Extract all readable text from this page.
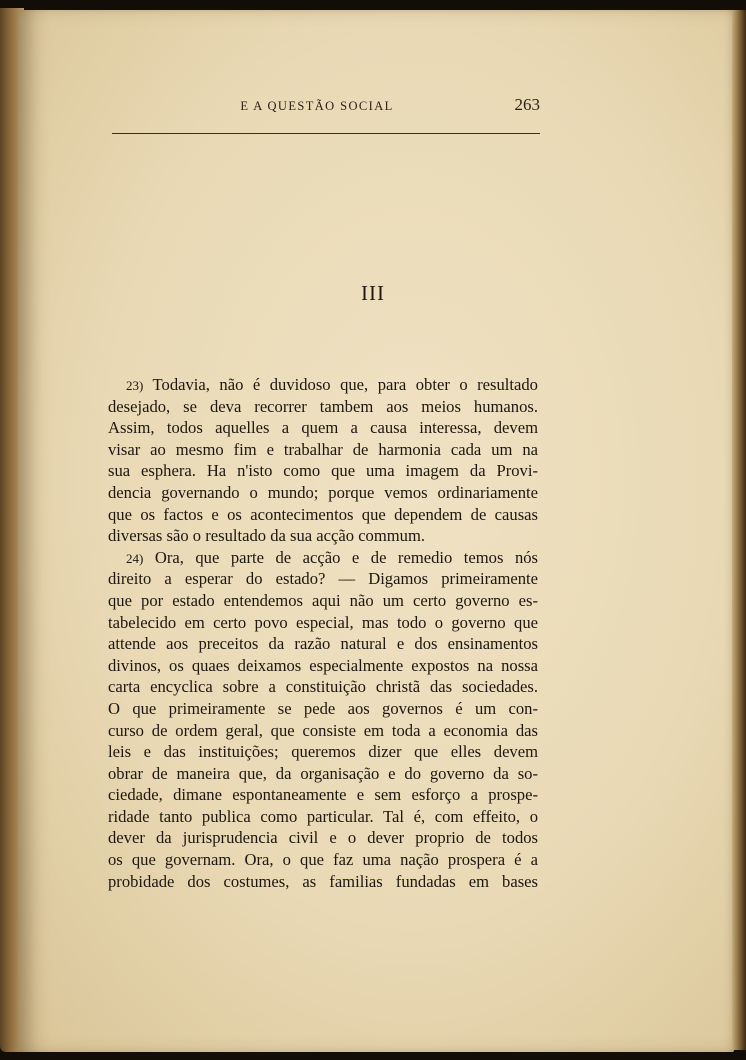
E A QUESTÃO SOCIAL	263
III
23) Todavia, não é duvidoso que, para obter o resultado
desejado, se deva recorrer tambem aos meios humanos.
Assim, todos aquelles a quem a causa interessa, devem
visar ao mesmo fim e trabalhar de harmonia cada um na
sua esphera. Ha n'isto como que uma imagem da Provi-
dencia governando o mundo; porque vemos ordinariamente
que os factos e os acontecimentos que dependem de causas
diversas são o resultado da sua acção commum.
24) Ora, que parte de acção e de remedio temos nós
direito a esperar do estado? — Digamos primeiramente
que por estado entendemos aqui não um certo governo es-
tabelecido em certo povo especial, mas todo o governo que
attende aos preceitos da razão natural e dos ensinamentos
divinos, os quaes deixamos especialmente expostos na nossa
carta encyclica sobre a constituição christã das sociedades.
O que primeiramente se pede aos governos é um con-
curso de ordem geral, que consiste em toda a economia das
leis e das instituições; queremos dizer que elles devem
obrar de maneira que, da organisação e do governo da so-
ciedade, dimane espontaneamente e sem esforço a prospe-
ridade tanto publica como particular. Tal é, com effeito, o
dever da jurisprudencia civil e o dever proprio de todos
os que governam. Ora, o que faz uma nação prospera é a
probidade dos costumes, as familias fundadas em bases
